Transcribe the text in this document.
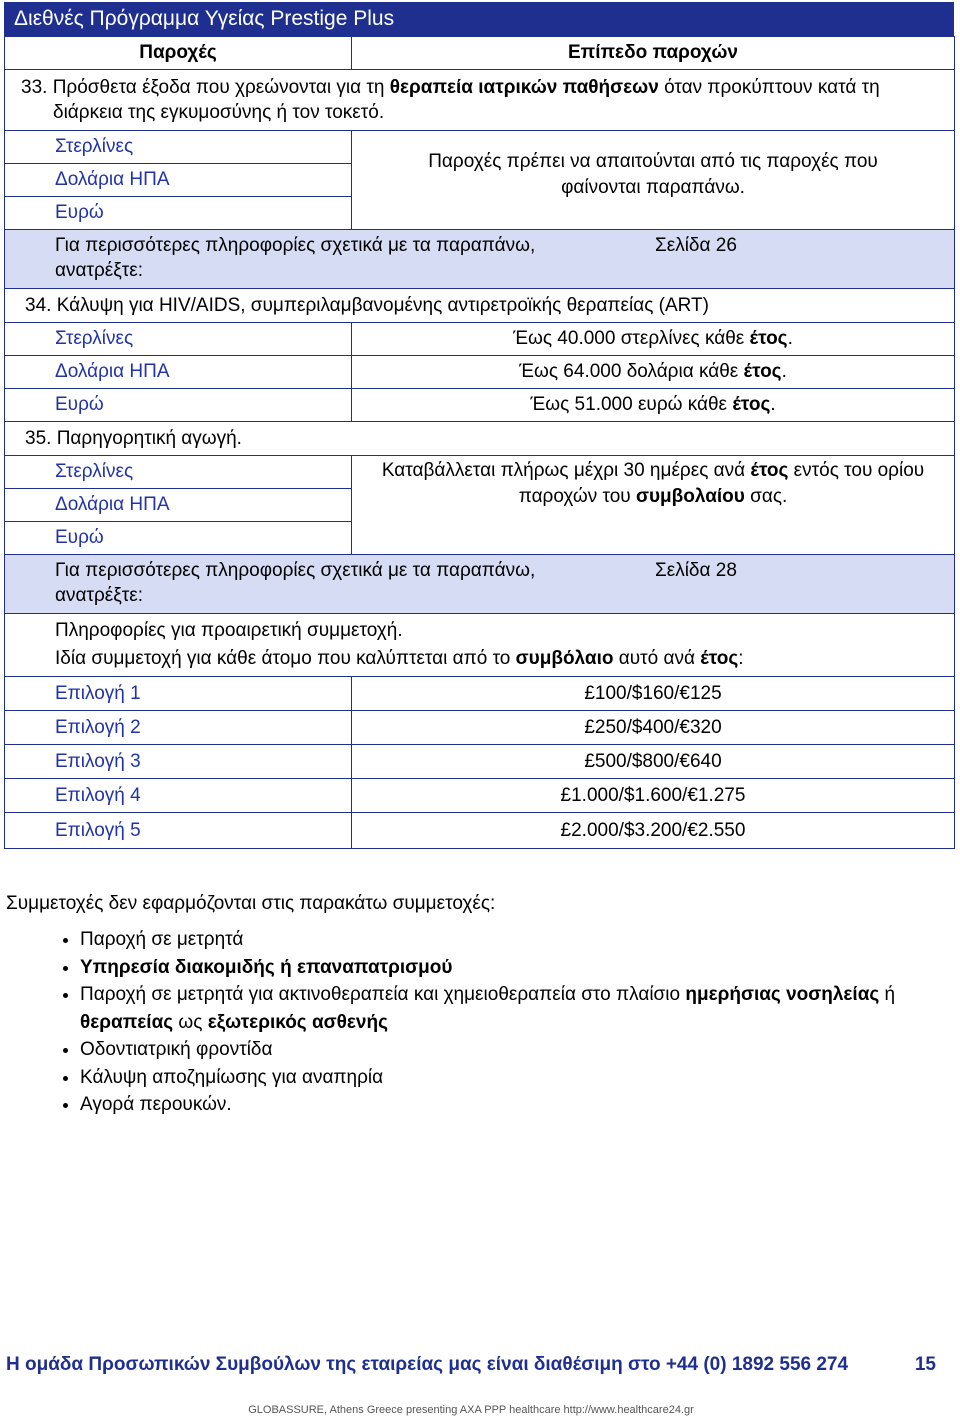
Διεθνές Πρόγραμμα Υγείας Prestige Plus
Παροχές	Επίπεδο παροχών
33. Πρόσθετα έξοδα που χρεώνονται για τη θεραπεία ιατρικών παθήσεων όταν προκύπτουν κατά τη διάρκεια της εγκυμοσύνης ή τον τοκετό.	
Στερλίνες	Παροχές πρέπει να απαιτούνται από τις παροχές που φαίνονται παραπάνω.
Δολάρια ΗΠΑ	
Ευρώ	

Για περισσότερες πληροφορίες σχετικά με τα παραπάνω, ανατρέξτε:
Σελίδα 26	

34. Κάλυψη για HIV/AIDS, συμπεριλαμβανομένης αντιρετροϊκής θεραπείας (ART)	
Στερλίνες	Έως 40.000 στερλίνες κάθε έτος.
Δολάρια ΗΠΑ	Έως 64.000 δολάρια κάθε έτος.
Ευρώ	Έως 51.000 ευρώ κάθε έτος.
35. Παρηγορητική αγωγή.	
Στερλίνες	Καταβάλλεται πλήρως μέχρι 30 ημέρες ανά έτος εντός του ορίου παροχών του συμβολαίου σας.
Δολάρια ΗΠΑ	
Ευρώ	

Για περισσότερες πληροφορίες σχετικά με τα παραπάνω, ανατρέξτε:
Σελίδα 28	

Πληροφορίες για προαιρετική συμμετοχή.
Ιδία συμμετοχή για κάθε άτομο που καλύπτεται από το συμβόλαιο αυτό ανά έτος:	

Επιλογή 1	£100/$160/€125
Επιλογή 2	£250/$400/€320
Επιλογή 3	£500/$800/€640
Επιλογή 4	£1.000/$1.600/€1.275
Επιλογή 5	£2.000/$3.200/€2.550
Συμμετοχές δεν εφαρμόζονται στις παρακάτω συμμετοχές:
• Παροχή σε μετρητά
• Υπηρεσία διακομιδής ή επαναπατρισμού
• Παροχή σε μετρητά για ακτινοθεραπεία και χημειοθεραπεία στο πλαίσιο ημερήσιας νοσηλείας ή θεραπείας ως εξωτερικός ασθενής
• Οδοντιατρική φροντίδα
• Κάλυψη αποζημίωσης για αναπηρία
• Αγορά περουκών.
Η ομάδα Προσωπικών Συμβούλων της εταιρείας μας είναι διαθέσιμη στο +44 (0) 1892 556 274	15
GLOBASSURE, Athens Greece presenting AXA PPP healthcare http://www.healthcare24.gr
